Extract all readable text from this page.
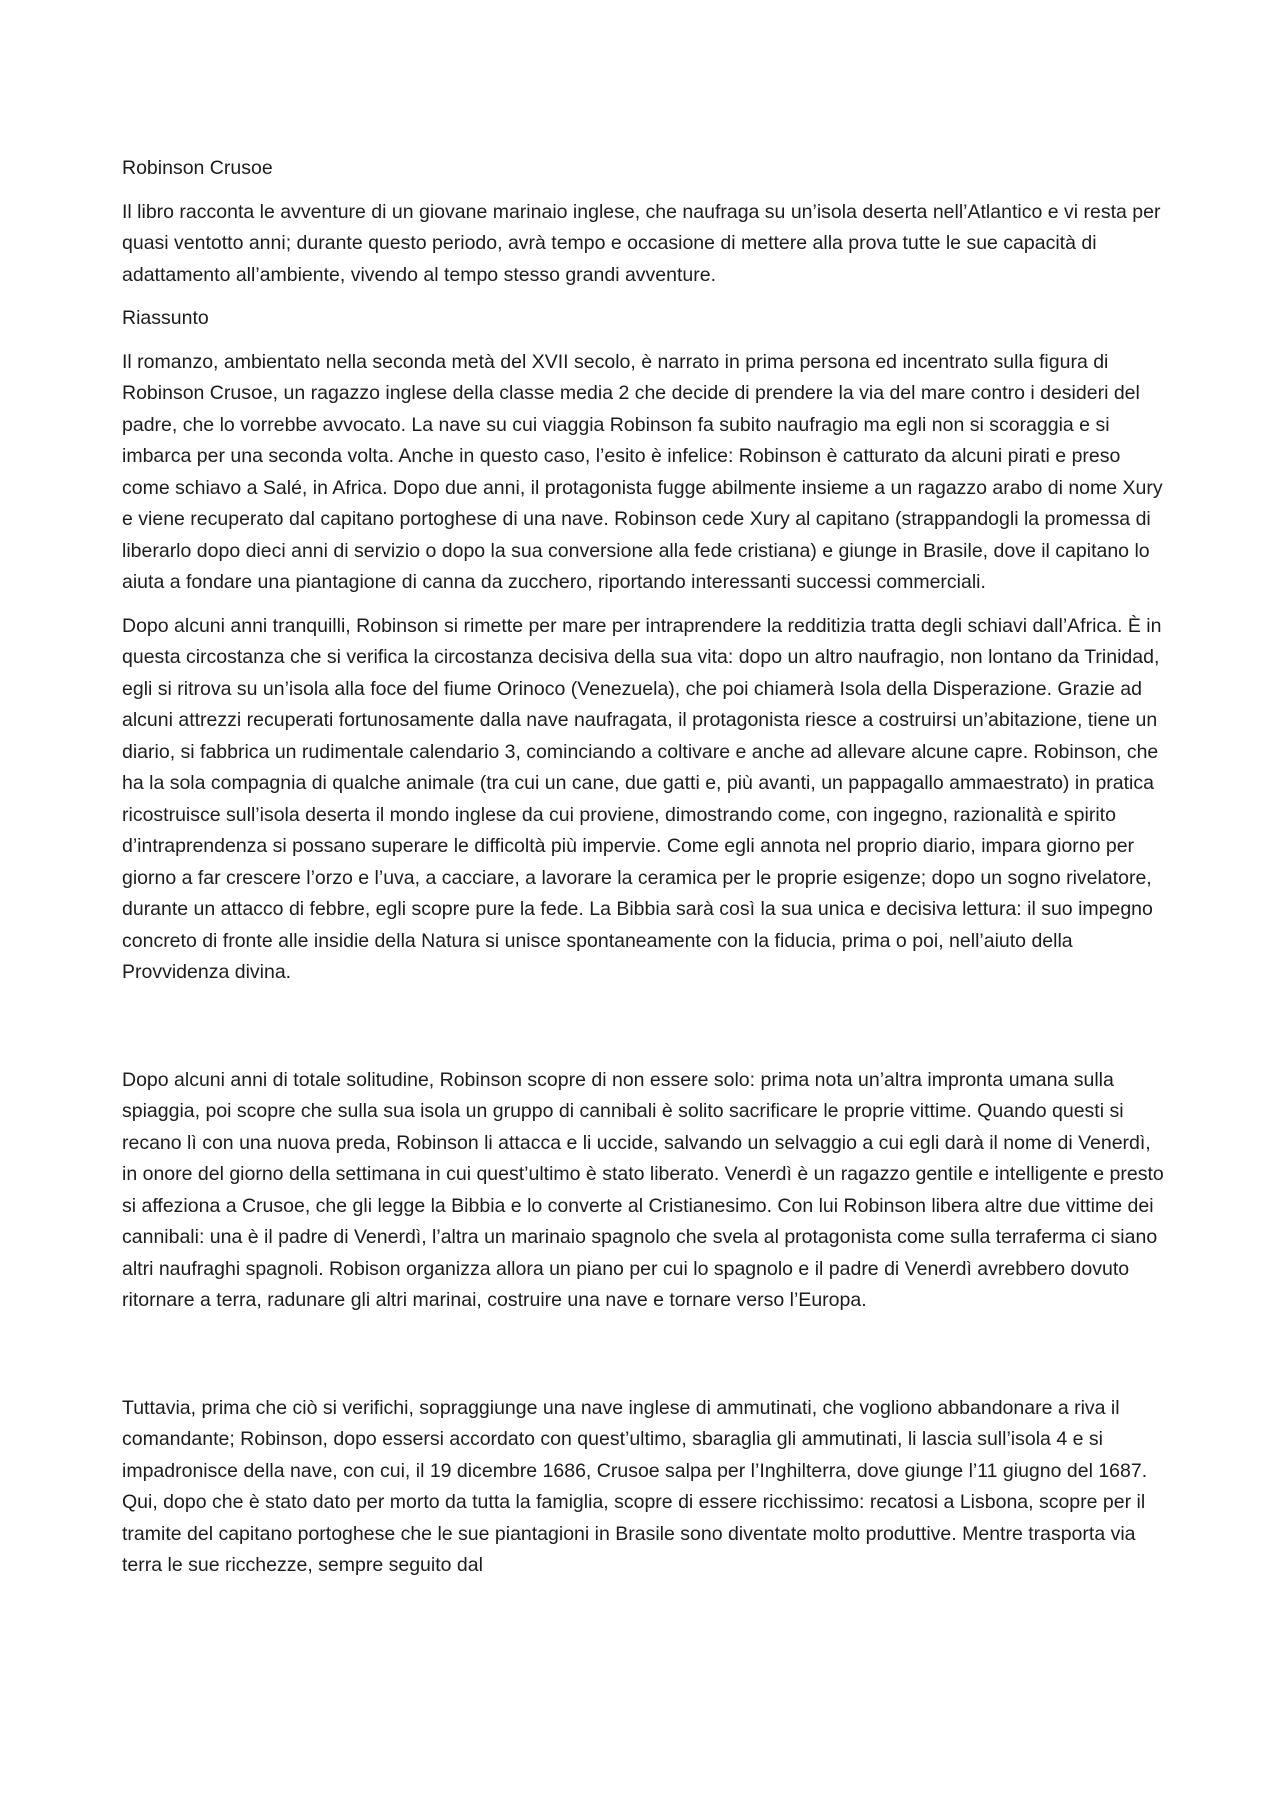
Robinson Crusoe

Il libro racconta le avventure di un giovane marinaio inglese, che naufraga su un’isola deserta nell’Atlantico e vi resta per quasi ventotto anni; durante questo periodo, avrà tempo e occasione di mettere alla prova tutte le sue capacità di adattamento all’ambiente, vivendo al tempo stesso grandi avventure.

Riassunto

Il romanzo, ambientato nella seconda metà del XVII secolo, è narrato in prima persona ed incentrato sulla figura di Robinson Crusoe, un ragazzo inglese della classe media 2 che decide di prendere la via del mare contro i desideri del padre, che lo vorrebbe avvocato. La nave su cui viaggia Robinson fa subito naufragio ma egli non si scoraggia e si imbarca per una seconda volta. Anche in questo caso, l’esito è infelice: Robinson è catturato da alcuni pirati e preso come schiavo a Salé, in Africa. Dopo due anni, il protagonista fugge abilmente insieme a un ragazzo arabo di nome Xury e viene recuperato dal capitano portoghese di una nave. Robinson cede Xury al capitano (strappandogli la promessa di liberarlo dopo dieci anni di servizio o dopo la sua conversione alla fede cristiana) e giunge in Brasile, dove il capitano lo aiuta a fondare una piantagione di canna da zucchero, riportando interessanti successi commerciali.

Dopo alcuni anni tranquilli, Robinson si rimette per mare per intraprendere la redditizia tratta degli schiavi dall’Africa. È in questa circostanza che si verifica la circostanza decisiva della sua vita: dopo un altro naufragio, non lontano da Trinidad, egli si ritrova su un’isola alla foce del fiume Orinoco (Venezuela), che poi chiamerà Isola della Disperazione. Grazie ad alcuni attrezzi recuperati fortunosamente dalla nave naufragata, il protagonista riesce a costruirsi un’abitazione, tiene un diario, si fabbrica un rudimentale calendario 3, cominciando a coltivare e anche ad allevare alcune capre. Robinson, che ha la sola compagnia di qualche animale (tra cui un cane, due gatti e, più avanti, un pappagallo ammaestrato) in pratica ricostruisce sull’isola deserta il mondo inglese da cui proviene, dimostrando come, con ingegno, razionalità e spirito d’intraprendenza si possano superare le difficoltà più impervie. Come egli annota nel proprio diario, impara giorno per giorno a far crescere l’orzo e l’uva, a cacciare, a lavorare la ceramica per le proprie esigenze; dopo un sogno rivelatore, durante un attacco di febbre, egli scopre pure la fede. La Bibbia sarà così la sua unica e decisiva lettura: il suo impegno concreto di fronte alle insidie della Natura si unisce spontaneamente con la fiducia, prima o poi, nell’aiuto della Provvidenza divina.

Dopo alcuni anni di totale solitudine, Robinson scopre di non essere solo: prima nota un’altra impronta umana sulla spiaggia, poi scopre che sulla sua isola un gruppo di cannibali è solito sacrificare le proprie vittime. Quando questi si recano lì con una nuova preda, Robinson li attacca e li uccide, salvando un selvaggio a cui egli darà il nome di Venerdì, in onore del giorno della settimana in cui quest’ultimo è stato liberato. Venerdì è un ragazzo gentile e intelligente e presto si affeziona a Crusoe, che gli legge la Bibbia e lo converte al Cristianesimo. Con lui Robinson libera altre due vittime dei cannibali: una è il padre di Venerdì, l’altra un marinaio spagnolo che svela al protagonista come sulla terraferma ci siano altri naufraghi spagnoli. Robison organizza allora un piano per cui lo spagnolo e il padre di Venerdì avrebbero dovuto ritornare a terra, radunare gli altri marinai, costruire una nave e tornare verso l’Europa.

Tuttavia, prima che ciò si verifichi, sopraggiunge una nave inglese di ammutinati, che vogliono abbandonare a riva il comandante; Robinson, dopo essersi accordato con quest’ultimo, sbaraglia gli ammutinati, li lascia sull’isola 4 e si impadronisce della nave, con cui, il 19 dicembre 1686, Crusoe salpa per l’Inghilterra, dove giunge l’11 giugno del 1687. Qui, dopo che è stato dato per morto da tutta la famiglia, scopre di essere ricchissimo: recatosi a Lisbona, scopre per il tramite del capitano portoghese che le sue piantagioni in Brasile sono diventate molto produttive. Mentre trasporta via terra le sue ricchezze, sempre seguito dal
